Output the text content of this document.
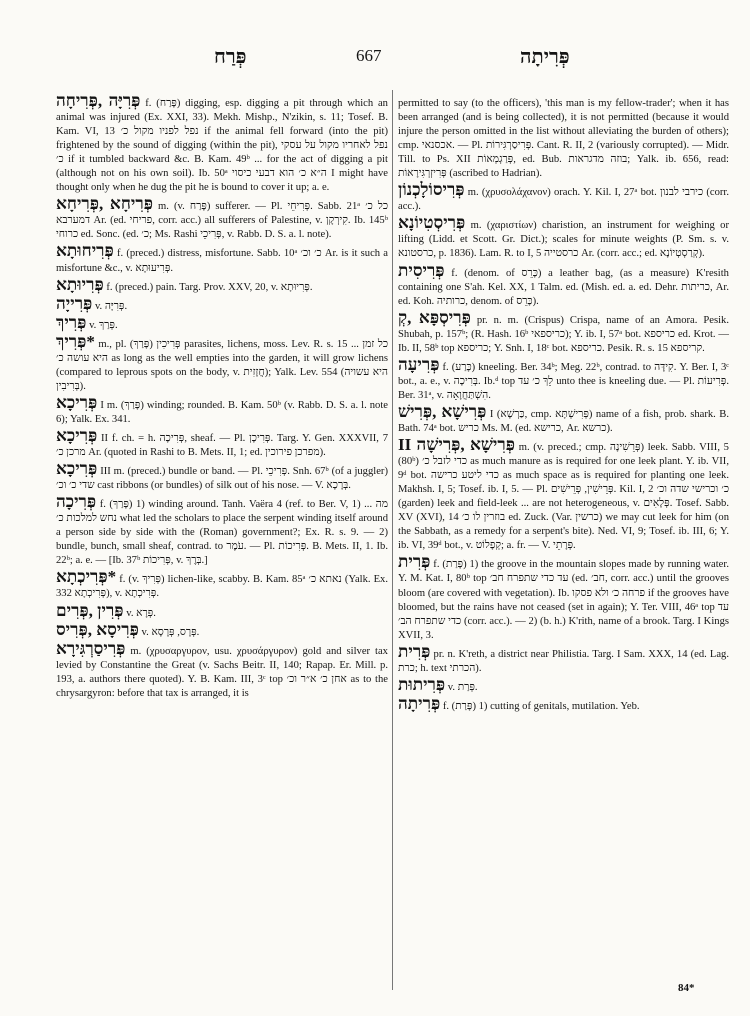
פְּרַח	667	פְּרִיתָה

פְּרִיָּה ,פְּרִיחָה f. (פָּרַח) digging, esp. digging a pit through which an animal was injured (Ex. XXI, 33). Mekh. Mishp., N'zikin, s. 11; Tosef. B. Kam. VI, 13 נפל לפניו מקול כ׳ if the animal fell forward (into the pit) frightened by the sound of digging (within the pit), נפל לאחריו מקול על עסקי כ׳ if it tumbled backward &c. B. Kam. 49ᵇ ... for the act of digging a pit (although not on his own soil). Ib. 50ᵃ ה״א כ׳ הוא דבעי כיסוי I might have thought only when he dug the pit he is bound to cover it up; a. e.

פְּרִיחָא ,פְּרִיחָא m. (v. פָּרַח) sufferer. — Pl. פְּרִיחֵי. Sabb. 21ᵃ כל כ׳ דמערבא Ar. (ed. פריחי, corr. acc.) all sufferers of Palestine, v. קִירְקָן. Ib. 145ᵇ כרוחי ed. Sonc. (ed. כ׳; Ms. Rashi פְּרִיכֵי, v. Rabb. D. S. a. l. note).

פְּרִיחוּתָא f. (preced.) distress, misfortune. Sabb. 10ᵃ כ׳ וכ׳ Ar. is it such a misfortune &c., v. פְּרִיעוּתָא.

פְּרִיוּתָא f. (preced.) pain. Targ. Prov. XXV, 20, v. פְּרִיוּתָא.

פְּרִייָה v. פְּרִיָּה.

פְּרִיךְ v. פְּרַךְ.

*פְּרִיךְ m., pl. פְּרִיכִין (פָּרַךְ) parasites, lichens, moss. Lev. R. s. 15 כל זמן ... היא עושה כ׳ as long as the well empties into the garden, it will grow lichens (compared to leprous spots on the body, v. חֲזָזִית); Yalk. Lev. 554 (היא עשויה בְּרִיבִין).

פְּרִיכָא I m. (פָּרַךְ) winding; rounded. B. Kam. 50ᵇ (v. Rabb. D. S. a. l. note 6); Yalk. Ex. 341.

פְּרִיכָא II f. ch. = h. פְּרִיכָה, sheaf. — Pl. פְּרִיכָן. Targ. Y. Gen. XXXVII, 7 מרכן כ׳ Ar. (quoted in Rashi to B. Mets. II, 1; ed. מפרכן פירוכין).

פְּרִיכָא III m. (preced.) bundle or band. — Pl. פְּרִיכֵי. Snh. 67ᵇ (of a juggler) שדי כ׳ וכ׳ cast ribbons (or bundles) of silk out of his nose. — V. בְּרָכָא.

פְּרִיכָה f. (פָּרַךְ) 1) winding around. Tanh. Vaëra 4 (ref. to Ber. V, 1) מה ... נחש למלכות כ׳ what led the scholars to place the serpent winding itself around a person side by side with the (Roman) government?; Ex. R. s. 9. — 2) bundle, bunch, small sheaf, contrad. to עֹמֶר. — Pl. פְּרִיכוֹת. B. Mets. II, 1. Ib. 22ᵇ; a. e. — [Ib. 37ᵇ פְּרִיכוֹת, v. בְּרֶךְ.]

*פְּרִיכְתָא f. (v. פְּרִיךְ) lichen-like, scabby. B. Kam. 85ᵃ נאתא כ׳ (Yalk. Ex. 332 פְּרִיכְתָא), v. פְּרִיכְתָא.

פְּרִין ,פְּרִים v. פְּרָא.

פְּרִיסָא ,פְּרִיס v. פְּרָס, פְּרָסָא.

פְּרִיסַרְגִּירָא m. (χρυσαργυρον, usu. χρυσάργυρον) gold and silver tax levied by Constantine the Great (v. Sachs Beitr. II, 140; Rapap. Er. Mill. p. 193, a. authors there quoted). Y. B. Kam. III, 3ᶜ top אחן כ׳ א״ר וכ׳ as to the chrysargyron: before that tax is arranged, it is

permitted to say (to the officers), 'this man is my fellow-trader'; when it has been arranged (and is being collected), it is not permitted (because it would injure the person omitted in the list without alleviating the burden of others); cmp. אכסנאי. — Pl. פְּרִיסַרְגִּירוֹת. Cant. R. II, 2 (variously corrupted). — Midr. Till. to Ps. XII פְּרַגְמְאוֹת, ed. Bub. בוזה מדגראות; Yalk. ib. 656, read: פְּרִיזְרְגִּירָאוֹת (ascribed to Hadrian).

פְּרִיסוֹלָכְנוֹן m. (χρυσολάχανον) orach. Y. Kil. I, 27ᵃ bot. כירבי לבנון (corr. acc.).

פְּרִיסְטִיוֹנָא m. (χαριστίων) charistion, an instrument for weighing or lifting (Lidd. et Scott. Gr. Dict.); scales for minute weights (P. Sm. s. v. כרסטונא, p. 1836). Lam. R. to I, 5 כרסטייה Ar. (corr. acc.; ed. קְרַסְטְיוֹנָא).

פְּרִיסִית f. (denom. of כָּרֵס) a leather bag, (as a measure) K'resith containing one S'ah. Kel. XX, 1 Talm. ed. (Mish. ed. a. ed. Dehr. כריתות, Ar. ed. Koh. כרותיה, denom. of כָּרֵס).

פְּרִיסְפָּא ,קְ pr. n. m. (Crispus) Crispa, name of an Amora. Pesik. Shubah, p. 157ᵇ; (R. Hash. 16ᵇ כריספאי); Y. ib. I, 57ᵃ bot. כריספא ed. Krot. — Ib. II, 58ᵇ top כריספא; Y. Snh. I, 18ᶜ bot. כריספא. Pesik. R. s. 15 קריספא.

פְּרִיעָה f. (כָּרַע) kneeling. Ber. 34ᵇ; Meg. 22ᵇ, contrad. to קִידָּה. Y. Ber. I, 3ᶜ bot., a. e., v. בְּרִיכָה. Ib.ᵈ top לֵךְ כ׳ עד unto thee is kneeling due. — Pl. פְּרִיעוֹת. Ber. 31ᵃ, v. הִשְׁתַּחֲוָאָה.

פְּרִישָׁא ,פְּרִישׁ I (כַּרְשָׁא, cmp. פְּרִישְׁתָּא) name of a fish, prob. shark. B. Bath. 74ᵃ bot. כריש Ms. M. (ed. כרישא, Ar. כרשא).

פְּרִישָׁא ,פְּרִישָׁה II m. (v. preced.; cmp. פְּרֵשִׁינָה) leek. Sabb. VIII, 5 (80ᵇ) כדי לזבל כ׳ as much manure as is required for one leek plant. Y. ib. VII, 9ᵈ bot. כדי ליטע כרישה as much space as is required for planting one leek. Makhsh. I, 5; Tosef. ib. I, 5. — Pl. פְּרֵישִׁין, פְּרֵישִׁים. Kil. I, 2 כ׳ וכרישי שדה וכ׳ (garden) leek and field-leek ... are not heterogeneous, v. פְּלָאִים. Tosef. Sabb. XV (XVI), 14 בוזרין לו כ׳ ed. Zuck. (Var. כרשין) we may cut leek for him (on the Sabbath, as a remedy for a serpent's bite). Ned. VI, 9; Tosef. ib. III, 6; Y. ib. VI, 39ᵈ bot., v. קְפָלוֹט; a. fr. — V. פְּרָתֵי.

פְּרִית f. (פָּרַת) 1) the groove in the mountain slopes made by running water. Y. M. Kat. I, 80ᵇ top עד כדי שתפרח חב׳ (ed. חב׳, corr. acc.) until the grooves bloom (are covered with vegetation). Ib. פרחה כ׳ ולא פסקו if the grooves have bloomed, but the rains have not ceased (set in again); Y. Ter. VIII, 46ᵃ top עד כדי שתפרח הב׳ (corr. acc.). — 2) (b. h.) K'rith, name of a brook. Targ. I Kings XVII, 3.

פְּרִית pr. n. K'reth, a district near Philistia. Targ. I Sam. XXX, 14 (ed. Lag. כרת; h. text הכרתי).

פְּרִיתוּת v. פְּרַת.

פְּרִיתָה f. (פָּרַת) 1) cutting of genitals, mutilation. Yeb.

84*
